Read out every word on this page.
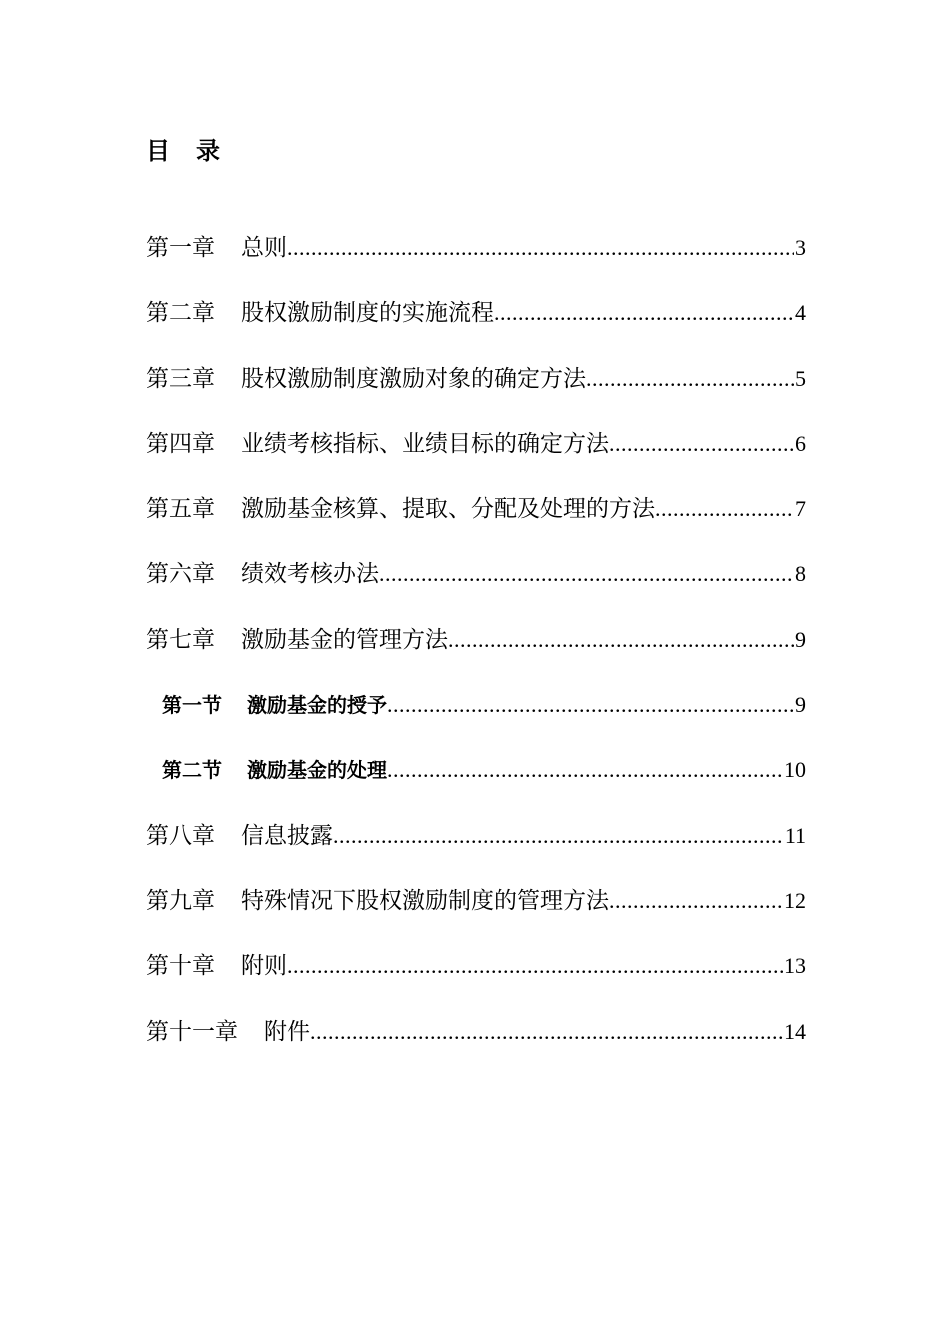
目 录
第一章 总则 .....	3
第二章 股权激励制度的实施流程 .....	4
第三章 股权激励制度激励对象的确定方法 .....	5
第四章 业绩考核指标、业绩目标的确定方法 .....	6
第五章 激励基金核算、提取、分配及处理的方法 .....	7
第六章 绩效考核办法 .....	8
第七章 激励基金的管理方法 .....	9
第一节 激励基金的授予 .....	9
第二节 激励基金的处理 .....	10
第八章 信息披露 .....	11
第九章 特殊情况下股权激励制度的管理方法 .....	12
第十章 附则 .....	13
第十一章 附件 .....	14
